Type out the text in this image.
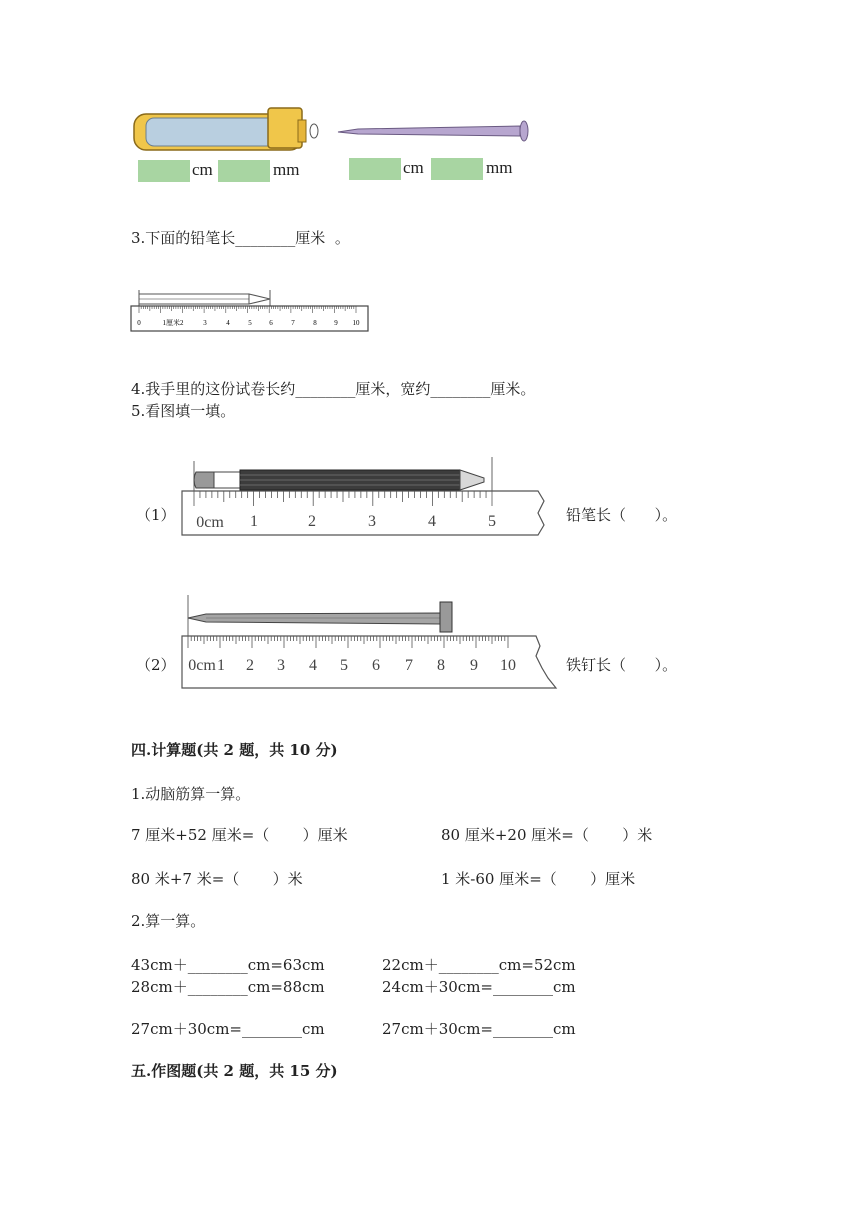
cm	mm	cm	mm
3.下面的铅笔长________厘米  。
0	1厘米2	3	4	5	6	7	8	9 10
4.我手里的这份试卷长约________厘米，宽约________厘米。
5.看图填一填。
（1） 0cm 1	2	3	4	5	铅笔长（      ）。
（2） 0cm 1 2 3 4 5 6 7 8 9 10	铁钉长（      ）。
四.计算题(共 2 题，共 10 分)
1.动脑筋算一算。
7 厘米+52 厘米=（       ）厘米	80 厘米+20 厘米=（       ）米
80 米+7 米=（       ）米	1 米-60 厘米=（       ）厘米
2.算一算。
43cm＋________cm=63cm	22cm＋________cm=52cm
28cm＋________cm=88cm	24cm＋30cm=________cm
27cm＋30cm=________cm	27cm＋30cm=________cm
五.作图题(共 2 题，共 15 分)
